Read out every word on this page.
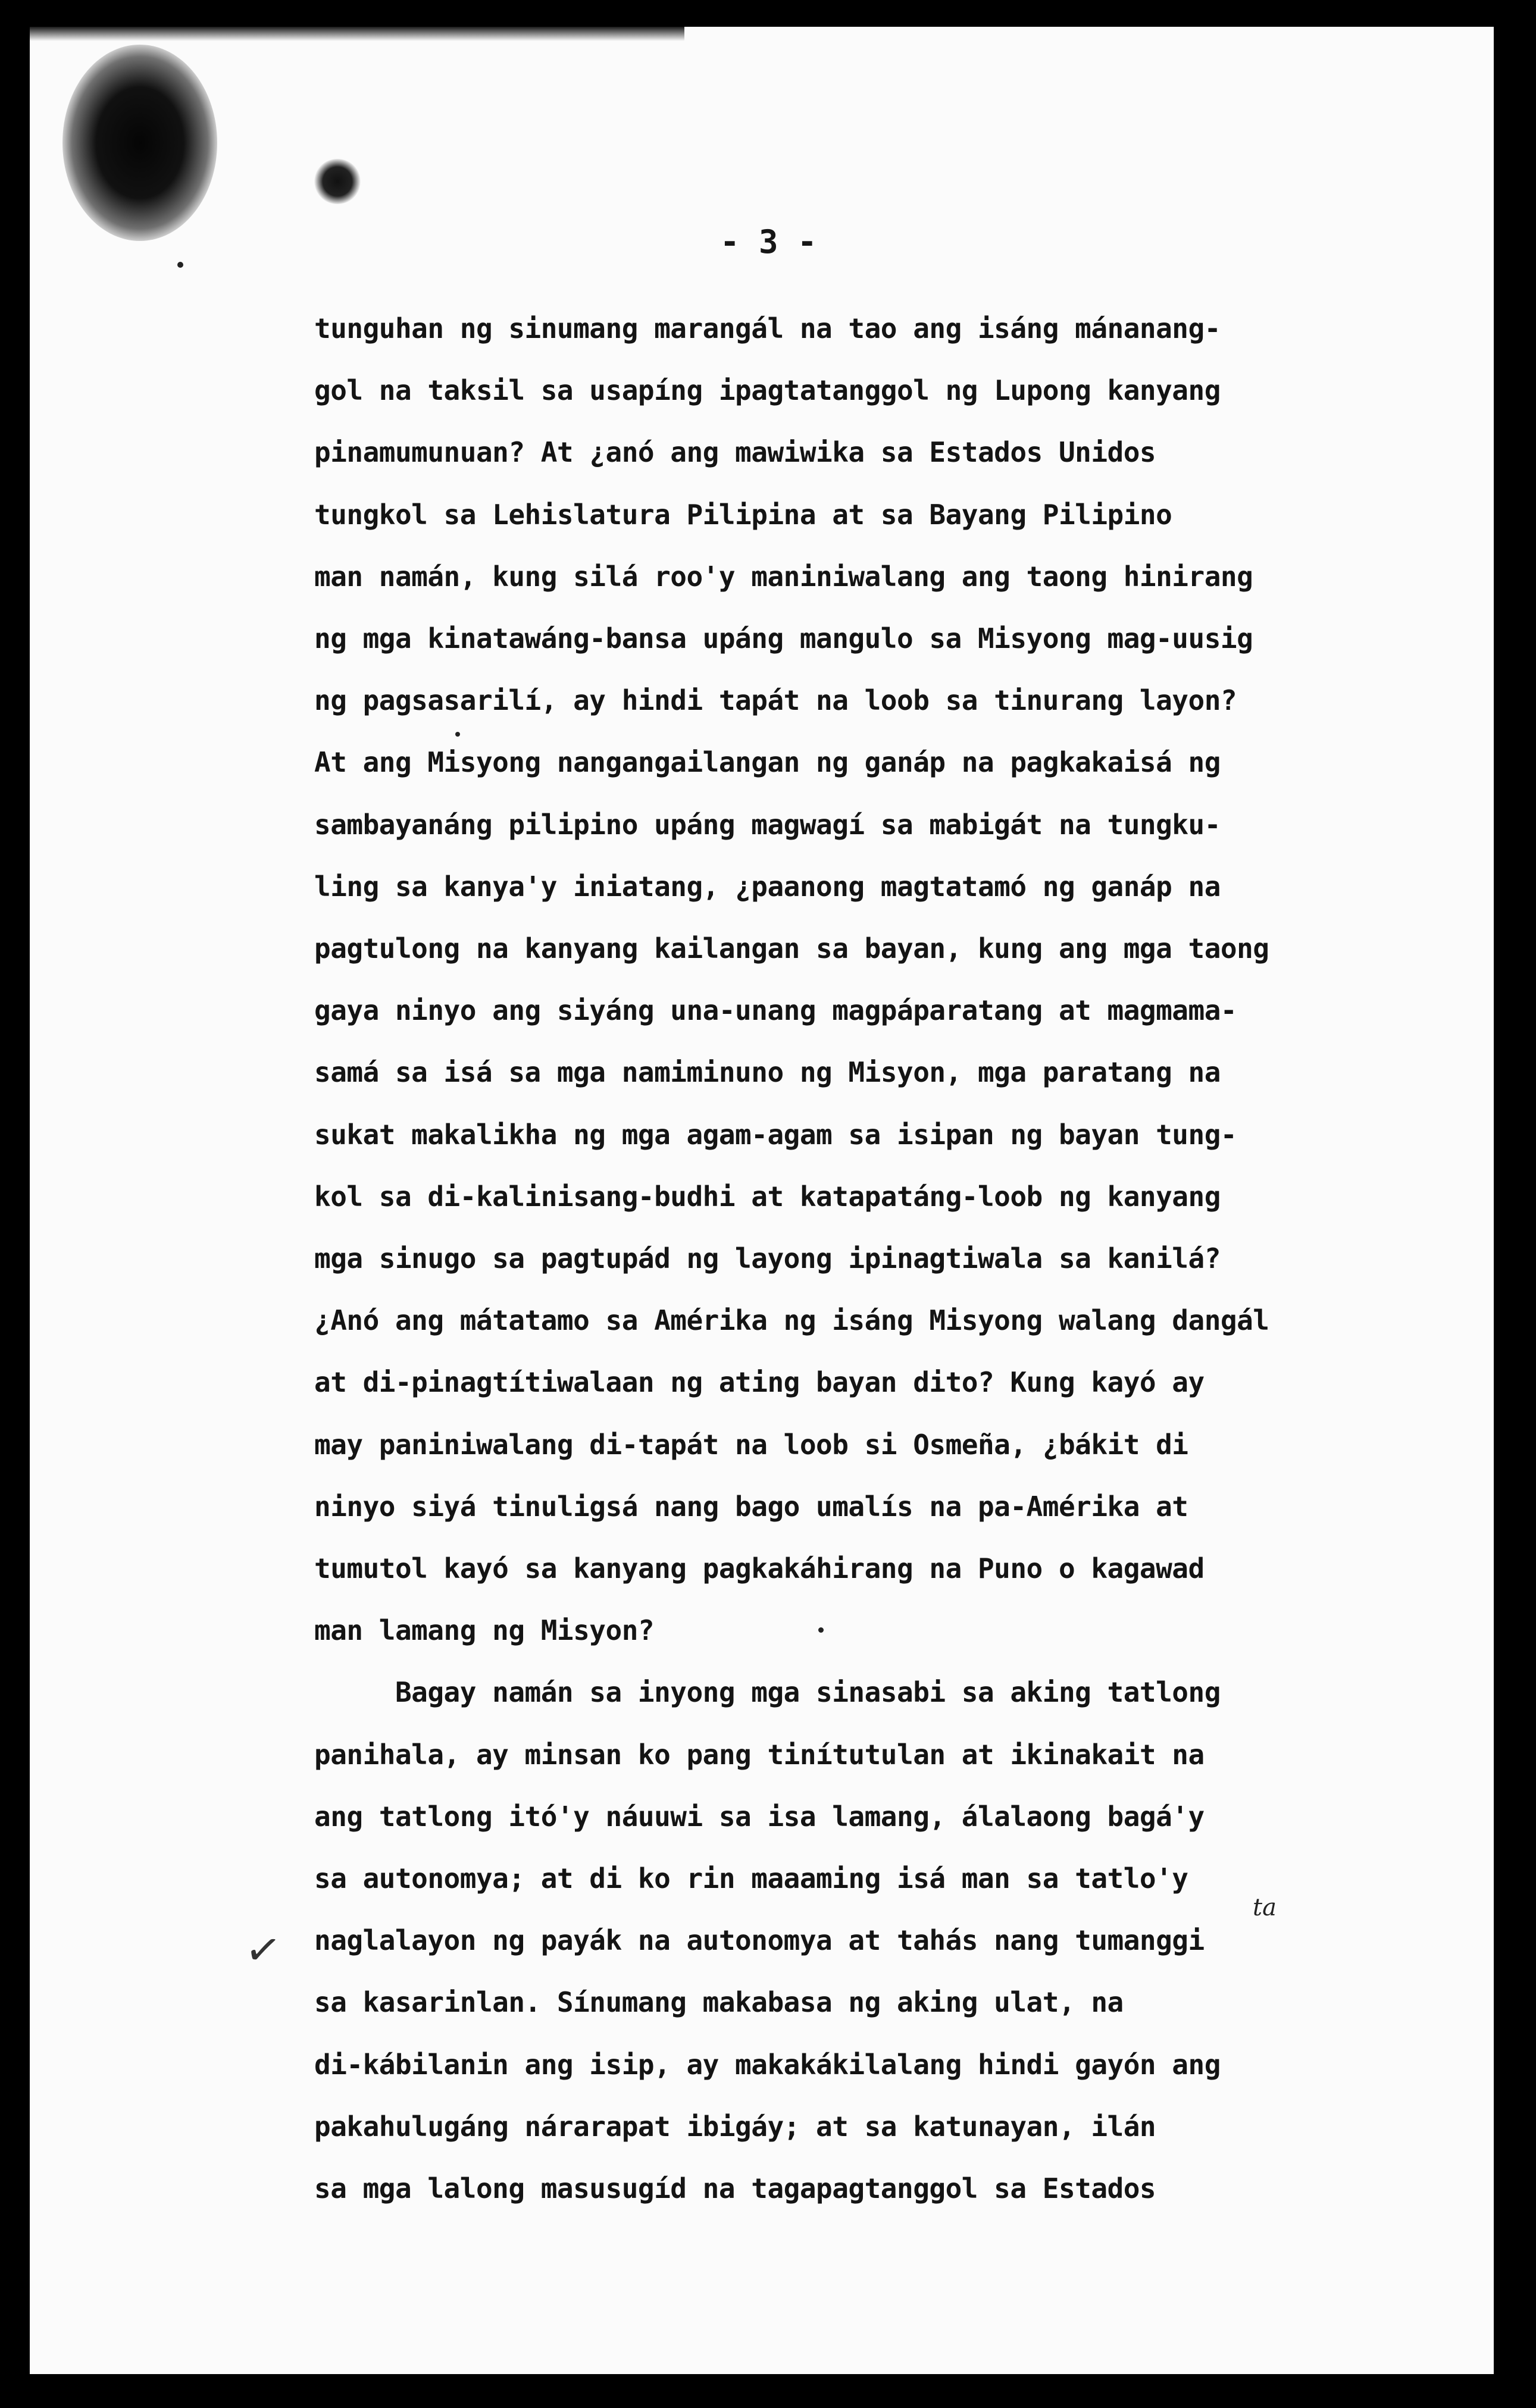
- 3 -
tunguhan ng sinumang marangál na tao ang isáng mánanang-
gol na taksil sa usapíng ipagtatanggol ng Lupong kanyang
pinamumunuan? At ¿anó ang mawiwika sa Estados Unidos
tungkol sa Lehislatura Pilipina at sa Bayang Pilipino
man namán, kung silá roo'y maniniwalang ang taong hinirang
ng mga kinatawáng-bansa upáng mangulo sa Misyong mag-uusig
ng pagsasarilí, ay hindi tapát na loob sa tinurang layon?
At ang Misyong nangangailangan ng ganáp na pagkakaisá ng
sambayanáng pilipino upáng magwagí sa mabigát na tungku-
ling sa kanya'y iniatang, ¿paanong magtatamó ng ganáp na
pagtulong na kanyang kailangan sa bayan, kung ang mga taong
gaya ninyo ang siyáng una-unang magpáparatang at magmama-
samá sa isá sa mga namiminuno ng Misyon, mga paratang na
sukat makalikha ng mga agam-agam sa isipan ng bayan tung-
kol sa di-kalinisang-budhi at katapatáng-loob ng kanyang
mga sinugo sa pagtupád ng layong ipinagtiwala sa kanilá?
¿Anó ang mátatamo sa Amérika ng isáng Misyong walang dangál
at di-pinagtítiwalaan ng ating bayan dito? Kung kayó ay
may paniniwalang di-tapát na loob si Osmeña, ¿bákit di
ninyo siyá tinuligsá nang bago umalís na pa-Amérika at
tumutol kayó sa kanyang pagkakáhirang na Puno o kagawad
man lamang ng Misyon?
Bagay namán sa inyong mga sinasabi sa aking tatlong
panihala, ay minsan ko pang tinítutulan at ikinakait na
ang tatlong itó'y náuuwi sa isa lamang, álalaong bagá'y
sa autonomya; at di ko rin maaaming isá man sa tatlo'y
naglalayon ng payák na autonomya at tahás nang tumanggi
sa kasarinlan. Sínumang makabasa ng aking ulat, na
di-kábilanin ang isip, ay makakákilalang hindi gayón ang
pakahulugáng nárarapat ibigáy; at sa katunayan, ilán
sa mga lalong masusugíd na tagapagtanggol sa Estados
✓
ta
